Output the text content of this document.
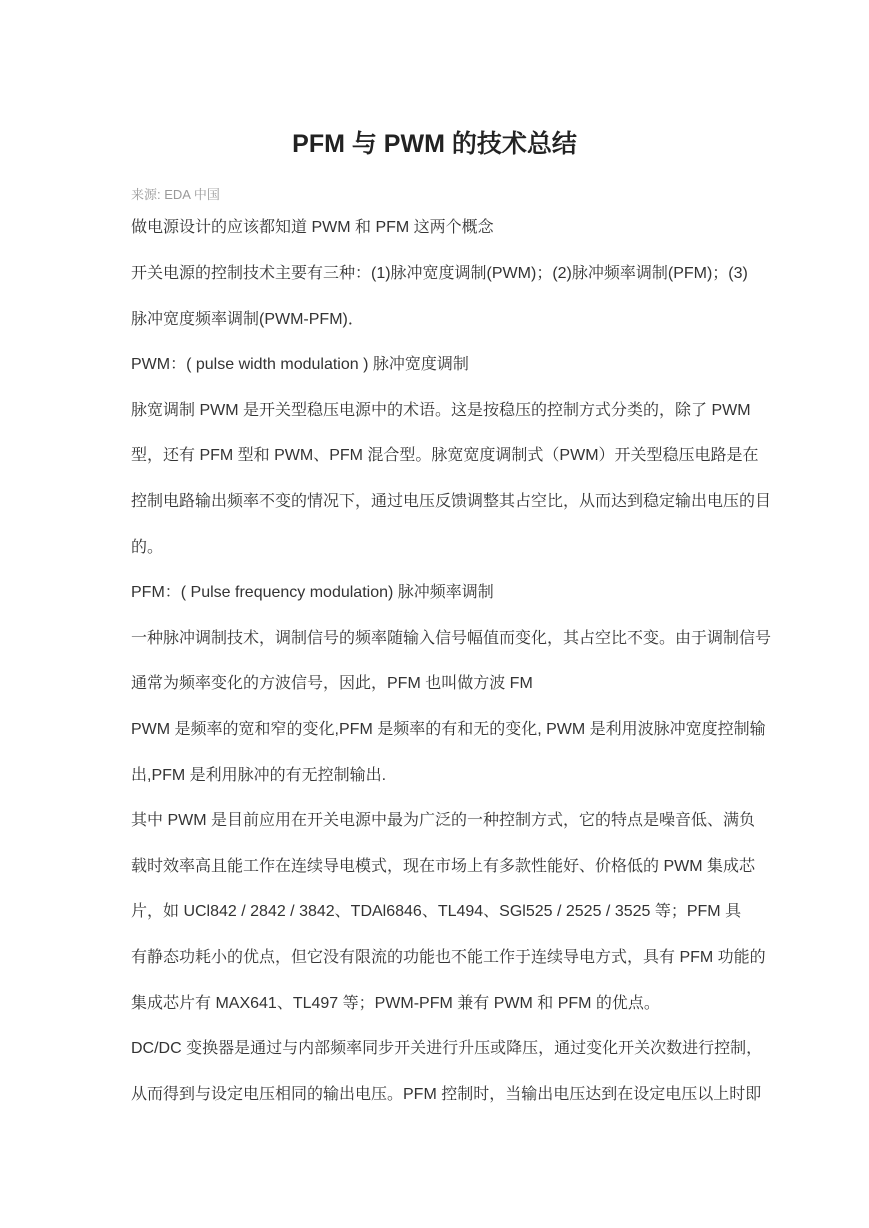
PFM 与 PWM 的技术总结

来源: EDA 中国

做电源设计的应该都知道 PWM 和 PFM 这两个概念

开关电源的控制技术主要有三种：(1)脉冲宽度调制(PWM)；(2)脉冲频率调制(PFM)；(3)

脉冲宽度频率调制(PWM-PFM)．

PWM：( pulse width modulation ) 脉冲宽度调制

脉宽调制 PWM 是开关型稳压电源中的术语。这是按稳压的控制方式分类的，除了 PWM

型，还有 PFM 型和 PWM、PFM 混合型。脉宽宽度调制式（PWM）开关型稳压电路是在

控制电路输出频率不变的情况下，通过电压反馈调整其占空比，从而达到稳定输出电压的目

的。

PFM：( Pulse frequency modulation) 脉冲频率调制

一种脉冲调制技术，调制信号的频率随输入信号幅值而变化，其占空比不变。由于调制信号

通常为频率变化的方波信号，因此，PFM 也叫做方波 FM

PWM 是频率的宽和窄的变化,PFM 是频率的有和无的变化, PWM 是利用波脉冲宽度控制输

出,PFM 是利用脉冲的有无控制输出.

其中 PWM 是目前应用在开关电源中最为广泛的一种控制方式，它的特点是噪音低、满负

载时效率高且能工作在连续导电模式，现在市场上有多款性能好、价格低的 PWM 集成芯

片，如 UCl842 / 2842 / 3842、TDAl6846、TL494、SGl525 / 2525 / 3525 等；PFM 具

有静态功耗小的优点，但它没有限流的功能也不能工作于连续导电方式，具有 PFM 功能的

集成芯片有 MAX641、TL497 等；PWM-PFM 兼有 PWM 和 PFM 的优点。

DC/DC 变换器是通过与内部频率同步开关进行升压或降压，通过变化开关次数进行控制，

从而得到与设定电压相同的输出电压。PFM 控制时，当输出电压达到在设定电压以上时即
